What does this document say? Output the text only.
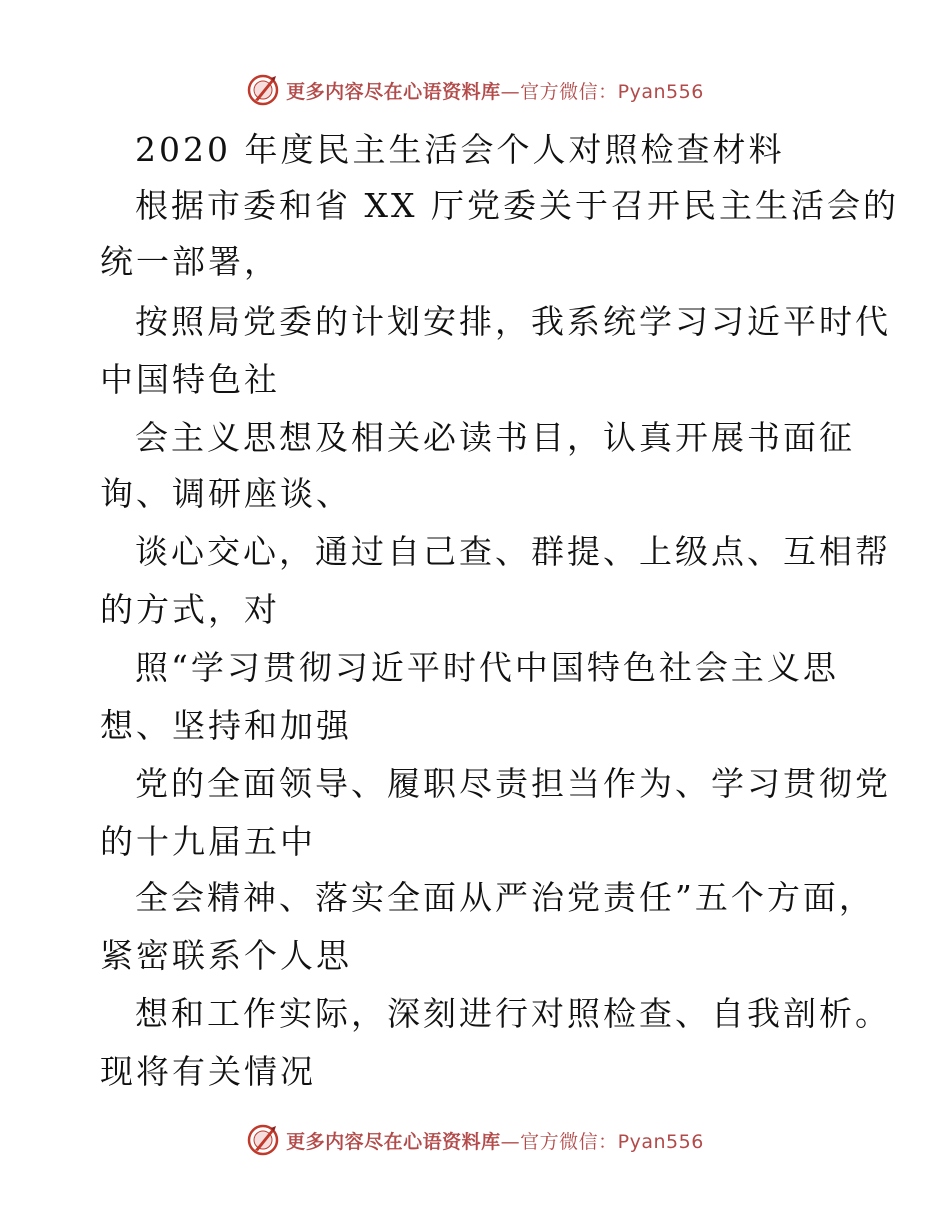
更多内容尽在心语资料库—官方微信：Pyan556
2020 年度民主生活会个人对照检查材料
根据市委和省 XX 厅党委关于召开民主生活会的
统一部署，
按照局党委的计划安排，我系统学习习近平时代
中国特色社
会主义思想及相关必读书目，认真开展书面征
询、调研座谈、
谈心交心，通过自己查、群提、上级点、互相帮
的方式，对
照“学习贯彻习近平时代中国特色社会主义思
想、坚持和加强
党的全面领导、履职尽责担当作为、学习贯彻党
的十九届五中
全会精神、落实全面从严治党责任”五个方面，
紧密联系个人思
想和工作实际，深刻进行对照检查、自我剖析。
现将有关情况
更多内容尽在心语资料库—官方微信：Pyan556
